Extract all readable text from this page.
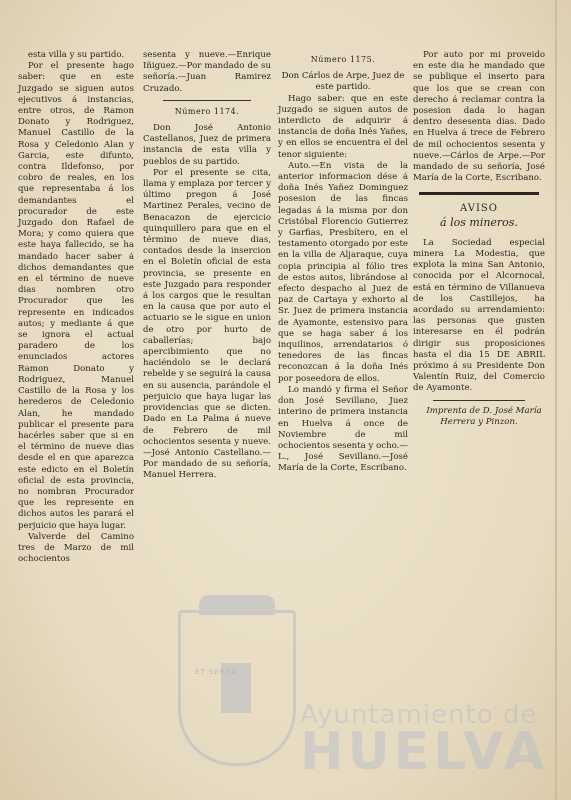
esta villa y su partido.

Por el presente hago saber: que en este Juzgado se siguen autos ejecutivos á instancias, entre otros, de Ramon Donato y Rodriguez, Manuel Castillo de la Rosa y Celedonio Alan y Garcia, este difunto, contra Ildefonso, por cobro de reales, en los que representaba á los demandantes el procurador de este Juzgado don Rafael de Mora; y como quiera que este haya fallecido, se ha mandado hacer saber á dichos demandantes que en el término de nueve dias nombren otro Procurador que les represente en indicados autos; y mediante á que se ignora el actual paradero de los enunciados actores Ramon Donato y Rodriguez, Manuel Castillo de la Rosa y los herederos de Celedonio Alan, he mandado publicar el presente para hacérles saber que si en el término de nueve dias desde el en que aparezca este edicto en el Boletín oficial de esta provincia, no nombran Procurador que les represente en dichos autos les parará el perjuicio que haya lugar.

Valverde del Camino tres de Marzo de mil ochocientos

sesenta y nueve.—Enrique Iñiguez.—Por mandado de su señoría.—Juan Ramirez Cruzado.

Número 1174.

Don José Antonio Castellanos, Juez de primera instancia de esta villa y pueblos de su partido.

Por el presente se cita, llama y emplaza por tercer y último pregon á José Martinez Perales, vecino de Benacazon de ejercicio quinquillero para que en el término de nueve dias, contados desde la insercion en el Boletín oficial de esta provincia, se presente en este Juzgado para responder á los cargos que le resultan en la causa que por auto el actuario se le sigue en union de otro por hurto de caballerías; bajo apercibimiento que no haciéndolo se le declará rebelde y se seguirá la causa en su ausencia, parándole el perjuicio que haya lugar las providencias que se dicten. Dado en La Palma á nueve de Febrero de mil ochocientos sesenta y nueve.—José Antonio Castellano.—Por mandado de su señoría, Manuel Herrera.

Número 1175.

Don Cárlos de Arpe, Juez de este partido.

Hago saber: que en este Juzgado se siguen autos de interdicto de adquirir á instancia de doña Inés Yañes, y en ellos se encuentra el del tenor siguiente:

Auto.—En vista de la anterior informacion dése á doña Inés Yañez Dominguez posesion de las fincas legadas á la misma por don Cristóbal Florencio Gutierrez y Garfias, Presbítero, en el testamento otorgado por este en la villa de Aljaraque, cuya copia principia al fólio tres de estos autos, librándose al efecto despacho al Juez de paz de Cartaya y exhorto al Sr. Juez de primera instancia de Ayamonte, estensivo para que se haga saber á los inquilinos, arrendatarios ó tenedores de las fincas reconozcan á la doña Inés por poseedora de ellos.

Lo mandó y firma el Señor don José Sevillano, Juez interino de primera instancia en Huelva á once de Noviembre de mil ochocientos sesenta y ocho.—L., José Sevillano.—José María de la Corte, Escribano.

Por auto por mi proveido en este dia he mandado que se publique el inserto para que los que se crean con derecho á reclamar contra la posesion dada lo hagan dentro desesenta dias. Dado en Huelva á trece de Febrero de mil ochocientos sesenta y nueve.—Cárlos de Arpe.—Por mandado de su señoría, José María de la Corte, Escribano.

AVISO
á los mineros.

La Sociedad especial minera La Modestia, que explota la mina San Antonio, conocida por el Alcornocal, está en término de Villanueva de los Castillejos, ha acordado su arrendamiento: las personas que gusten interesarse en él podrán dirigir sus proposiciones hasta el dia 15 DE ABRIL próximo á su Presidente Don Valentín Ruiz, del Comercio de Ayamonte.

Imprenta de D. José María Herrera y Pinzon.

ET SERRA
Ayuntamiento de
HUELVA
